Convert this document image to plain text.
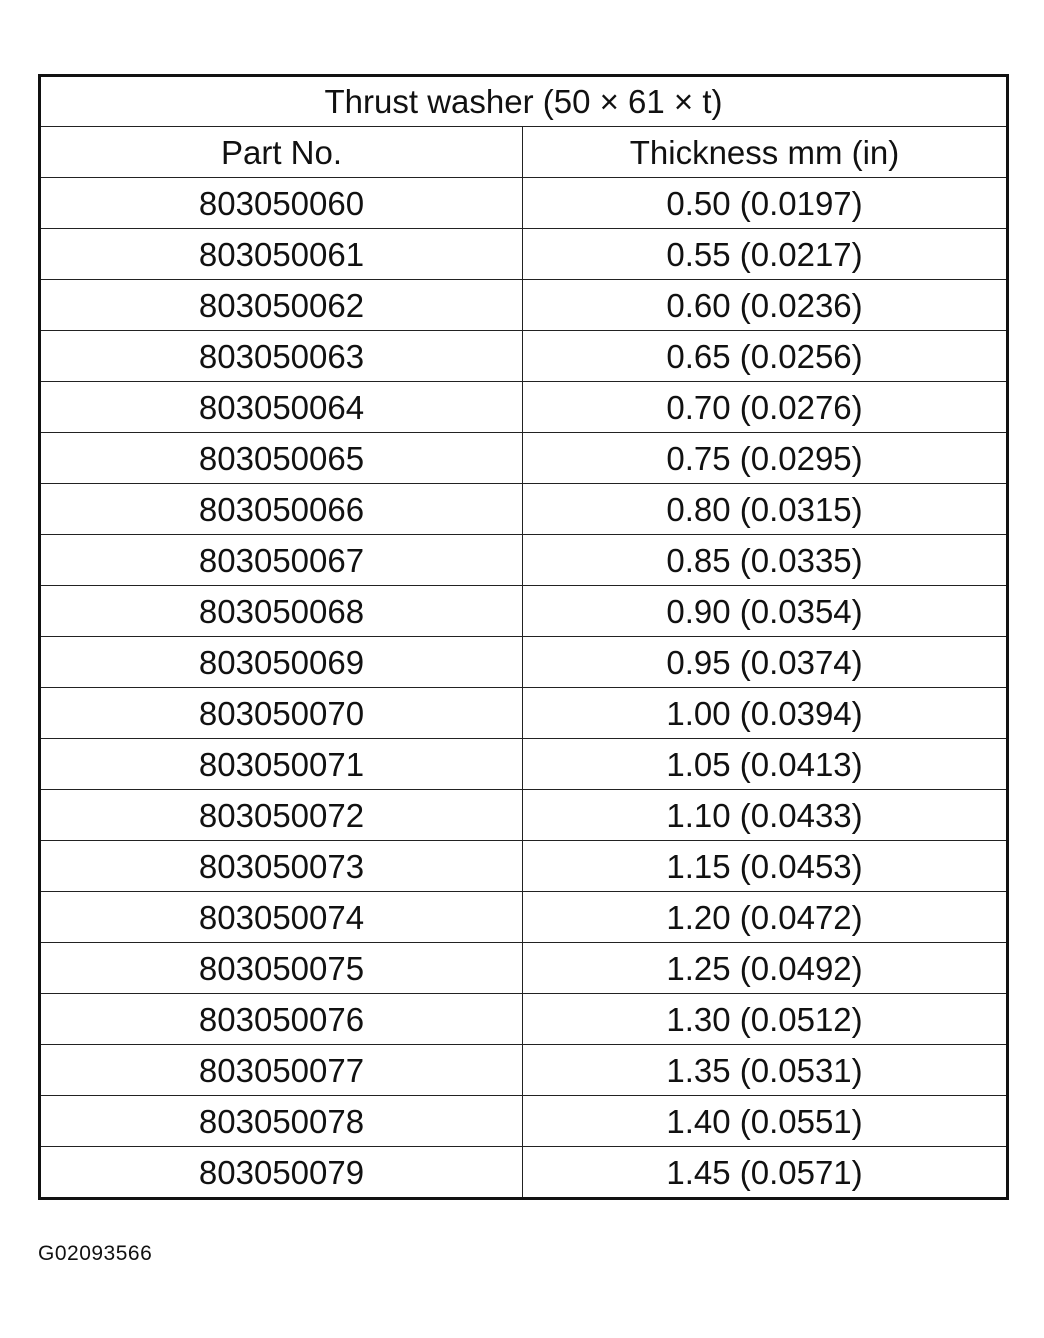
Thrust washer (50 × 61 × t)	
Part No.	Thickness mm (in)
803050060	0.50 (0.0197)
803050061	0.55 (0.0217)
803050062	0.60 (0.0236)
803050063	0.65 (0.0256)
803050064	0.70 (0.0276)
803050065	0.75 (0.0295)
803050066	0.80 (0.0315)
803050067	0.85 (0.0335)
803050068	0.90 (0.0354)
803050069	0.95 (0.0374)
803050070	1.00 (0.0394)
803050071	1.05 (0.0413)
803050072	1.10 (0.0433)
803050073	1.15 (0.0453)
803050074	1.20 (0.0472)
803050075	1.25 (0.0492)
803050076	1.30 (0.0512)
803050077	1.35 (0.0531)
803050078	1.40 (0.0551)
803050079	1.45 (0.0571)
G02093566
